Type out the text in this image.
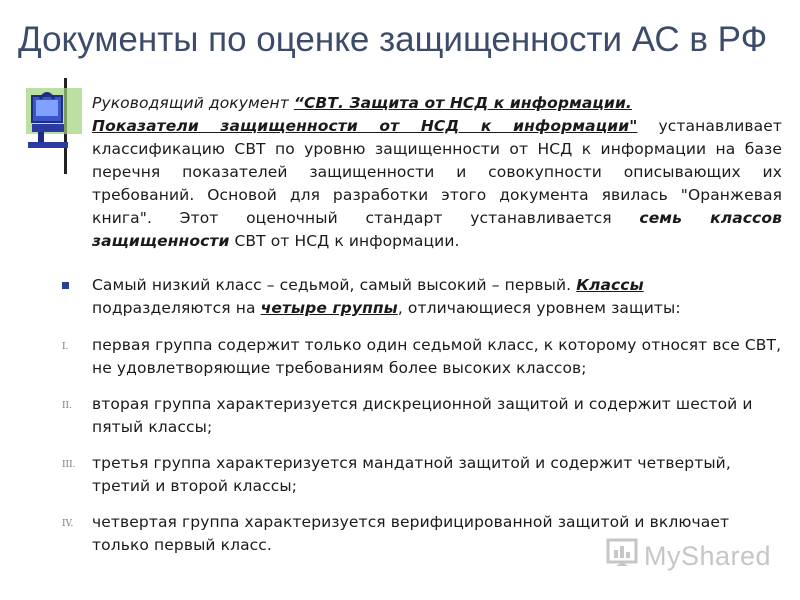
Документы по оценке защищенности АС в РФ
Руководящий документ “СВТ. Защита от НСД к информации.
Показатели защищенности от НСД к информации" устанавливает классификацию СВТ по уровню защищенности от НСД к информации на базе перечня показателей защищенности и совокупности описывающих их требований. Основой для разработки этого документа явилась "Оранжевая книга". Этот оценочный стандарт устанавливается семь классов защищенности СВТ от НСД к информации.
Самый низкий класс – седьмой, самый высокий – первый. Классы подразделяются на четыре группы, отличающиеся уровнем защиты:
I.	первая группа содержит только один седьмой класс, к которому относят все СВТ, не удовлетворяющие требованиям более высоких классов;
II.	вторая группа характеризуется дискреционной защитой и содержит шестой и пятый классы;
III.	третья группа характеризуется мандатной защитой и содержит четвертый, третий и второй классы;
IV.	четвертая группа характеризуется верифицированной защитой и включает только первый класс.	MyShared
